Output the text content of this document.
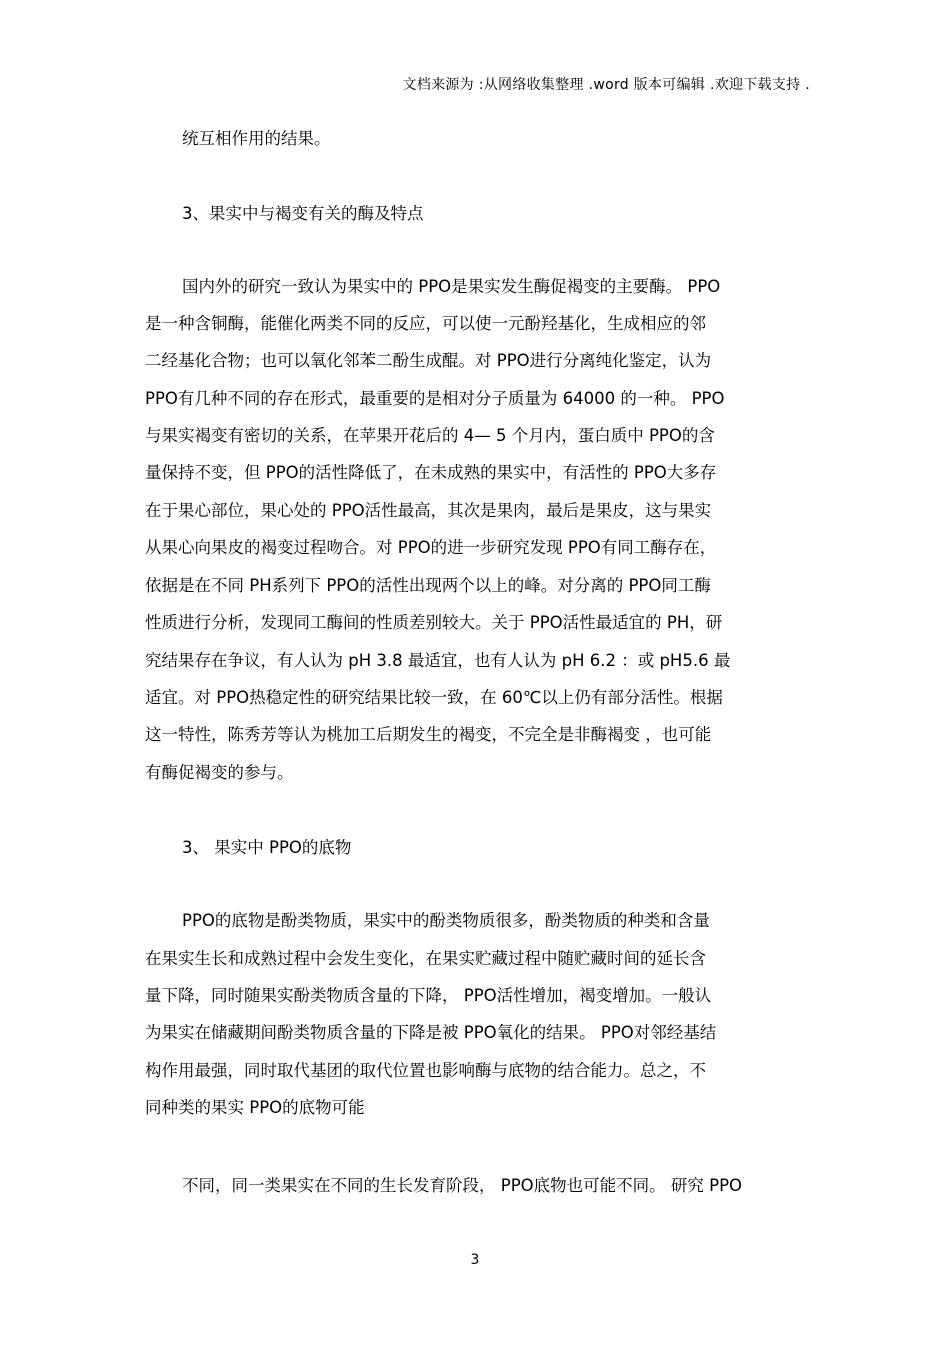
文档来源为 :从网络收集整理 .word 版本可编辑 .欢迎下载支持 .
统互相作用的结果。
3、果实中与褐变有关的酶及特点
国内外的研究一致认为果实中的 PPO是果实发生酶促褐变的主要酶。 PPO
是一种含铜酶，能催化两类不同的反应，可以使一元酚羟基化，生成相应的邻
二经基化合物；也可以氧化邻苯二酚生成醌。对 PPO进行分离纯化鉴定，认为
PPO有几种不同的存在形式，最重要的是相对分子质量为 64000 的一种。 PPO
与果实褐变有密切的关系，在苹果开花后的 4— 5 个月内，蛋白质中 PPO的含
量保持不变，但 PPO的活性降低了，在未成熟的果实中，有活性的 PPO大多存
在于果心部位，果心处的 PPO活性最高，其次是果肉，最后是果皮，这与果实
从果心向果皮的褐变过程吻合。对 PPO的进一步研究发现 PPO有同工酶存在，
依据是在不同 PH系列下 PPO的活性出现两个以上的峰。对分离的 PPO同工酶
性质进行分析，发现同工酶间的性质差别较大。关于 PPO活性最适宜的 PH，研
究结果存在争议，有人认为 pH 3.8 最适宜，也有人认为 pH 6.2 ：或 pH5.6 最
适宜。对 PPO热稳定性的研究结果比较一致，在 60℃以上仍有部分活性。根据
这一特性，陈秀芳等认为桃加工后期发生的褐变，不完全是非酶褐变 ，也可能
有酶促褐变的参与。
3、 果实中 PPO的底物
PPO的底物是酚类物质，果实中的酚类物质很多，酚类物质的种类和含量
在果实生长和成熟过程中会发生变化，在果实贮藏过程中随贮藏时间的延长含
量下降，同时随果实酚类物质含量的下降， PPO活性增加，褐变增加。一般认
为果实在储藏期间酚类物质含量的下降是被 PPO氧化的结果。 PPO对邻经基结
构作用最强，同时取代基团的取代位置也影响酶与底物的结合能力。总之，不
同种类的果实 PPO的底物可能
不同，同一类果实在不同的生长发育阶段， PPO底物也可能不同。 研究 PPO
3
